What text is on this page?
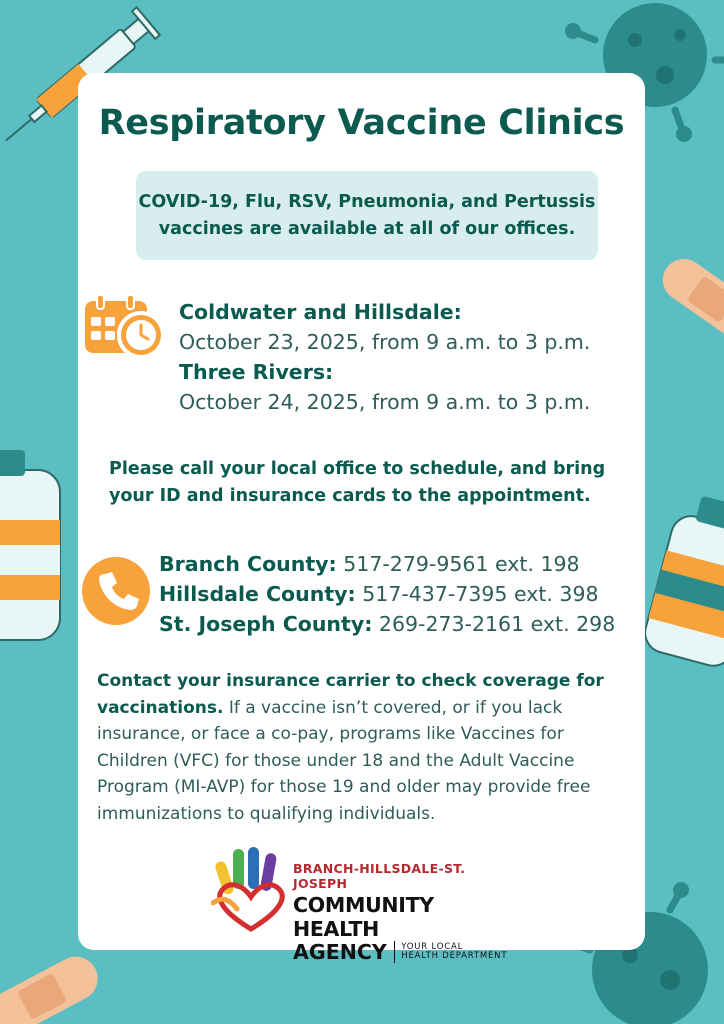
Respiratory Vaccine Clinics
COVID-19, Flu, RSV, Pneumonia, and Pertussis
vaccines are available at all of our offices.
Coldwater and Hillsdale:
October 23, 2025, from 9 a.m. to 3 p.m.
Three Rivers:
October 24, 2025, from 9 a.m. to 3 p.m.
Please call your local office to schedule, and bring
your ID and insurance cards to the appointment.
Branch County: 517-279-9561 ext. 198
Hillsdale County: 517-437-7395 ext. 398
St. Joseph County: 269-273-2161 ext. 298
Contact your insurance carrier to check coverage for
vaccinations. If a vaccine isn’t covered, or if you lack
insurance, or face a co-pay, programs like Vaccines for
Children (VFC) for those under 18 and the Adult Vaccine
Program (MI-AVP) for those 19 and older may provide free
immunizations to qualifying individuals.
BRANCH-HILLSDALE-ST. JOSEPH
COMMUNITY HEALTH
AGENCY YOUR LOCAL
HEALTH DEPARTMENT
